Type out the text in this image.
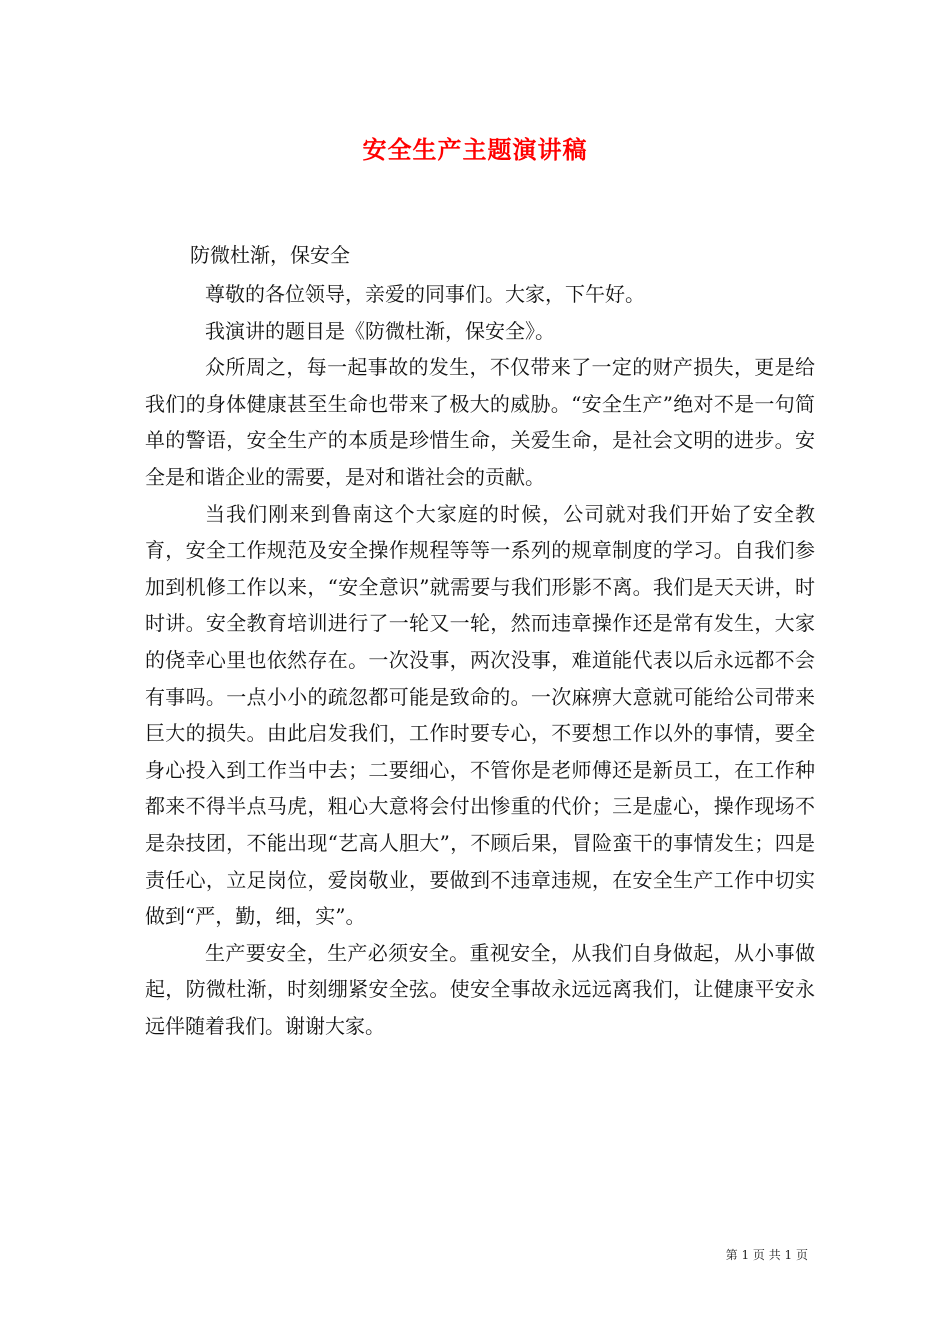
安全生产主题演讲稿
防微杜渐，保安全

尊敬的各位领导，亲爱的同事们。大家，下午好。

我演讲的题目是《防微杜渐，保安全》。

众所周之，每一起事故的发生，不仅带来了一定的财产损失，更是给我们的身体健康甚至生命也带来了极大的威胁。“安全生产”绝对不是一句简单的警语，安全生产的本质是珍惜生命，关爱生命，是社会文明的进步。安全是和谐企业的需要，是对和谐社会的贡献。

当我们刚来到鲁南这个大家庭的时候，公司就对我们开始了安全教育，安全工作规范及安全操作规程等等一系列的规章制度的学习。自我们参加到机修工作以来，“安全意识”就需要与我们形影不离。我们是天天讲，时时讲。安全教育培训进行了一轮又一轮，然而违章操作还是常有发生，大家的侥幸心里也依然存在。一次没事，两次没事，难道能代表以后永远都不会有事吗。一点小小的疏忽都可能是致命的。一次麻痹大意就可能给公司带来巨大的损失。由此启发我们，工作时要专心，不要想工作以外的事情，要全身心投入到工作当中去；二要细心，不管你是老师傅还是新员工，在工作种都来不得半点马虎，粗心大意将会付出惨重的代价；三是虚心，操作现场不是杂技团，不能出现“艺高人胆大”，不顾后果，冒险蛮干的事情发生；四是责任心，立足岗位，爱岗敬业，要做到不违章违规，在安全生产工作中切实做到“严，勤，细，实”。

生产要安全，生产必须安全。重视安全，从我们自身做起，从小事做起，防微杜渐，时刻绷紧安全弦。使安全事故永远远离我们，让健康平安永远伴随着我们。谢谢大家。

第 1 页 共 1 页
